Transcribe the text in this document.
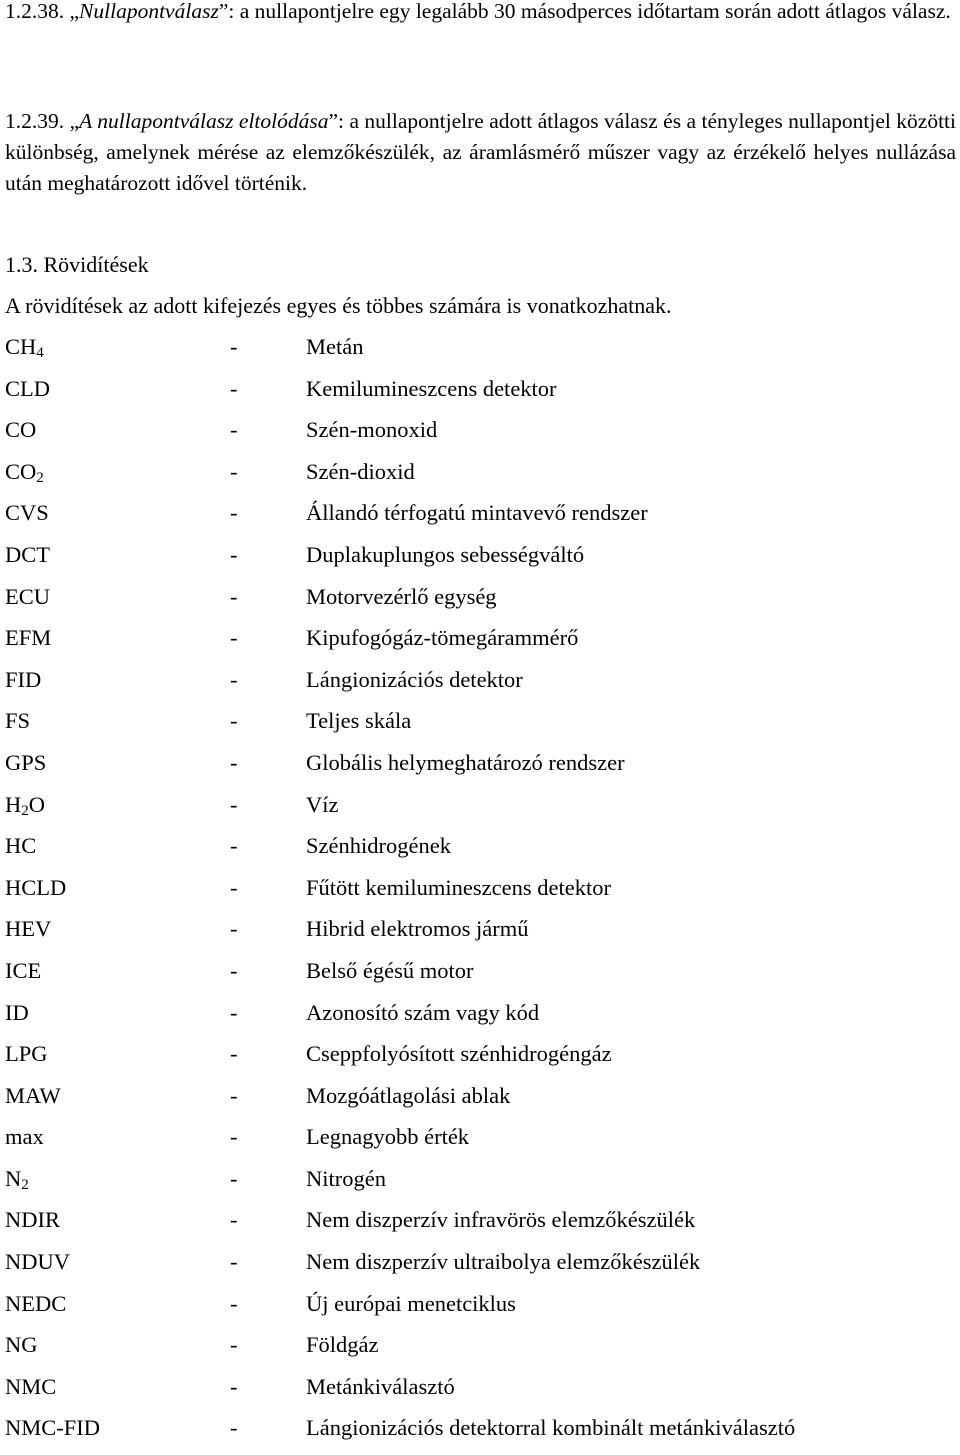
1.2.38. „Nullapontválasz”: a nullapontjelre egy legalább 30 másodperces időtartam során adott átlagos válasz.

1.2.39. „A nullapontválasz eltolódása”: a nullapontjelre adott átlagos válasz és a tényleges nullapontjel közötti különbség, amelynek mérése az elemzőkészülék, az áramlásmérő műszer vagy az érzékelő helyes nullázása után meghatározott idővel történik.

1.3. Rövidítések
A rövidítések az adott kifejezés egyes és többes számára is vonatkozhatnak.
$CH_4$	-	Metán
CLD	-	Kemilumineszcens detektor
CO	-	Szén-monoxid
$CO_2$	-	Szén-dioxid
CVS	-	Állandó térfogatú mintavevő rendszer
DCT	-	Duplakuplungos sebességváltó
ECU	-	Motorvezérlő egység
EFM	-	Kipufogógáz-tömegárammérő
FID	-	Lángionizációs detektor
FS	-	Teljes skála
GPS	-	Globális helymeghatározó rendszer
$H_2O$	-	Víz
HC	-	Szénhidrogének
HCLD	-	Fűtött kemilumineszcens detektor
HEV	-	Hibrid elektromos jármű
ICE	-	Belső égésű motor
ID	-	Azonosító szám vagy kód
LPG	-	Cseppfolyósított szénhidrogéngáz
MAW	-	Mozgóátlagolási ablak
max	-	Legnagyobb érték
$N_2$	-	Nitrogén
NDIR	-	Nem diszperzív infravörös elemzőkészülék
NDUV	-	Nem diszperzív ultraibolya elemzőkészülék
NEDC	-	Új európai menetciklus
NG	-	Földgáz
NMC	-	Metánkiválasztó
NMC-FID	-	Lángionizációs detektorral kombinált metánkiválasztó
